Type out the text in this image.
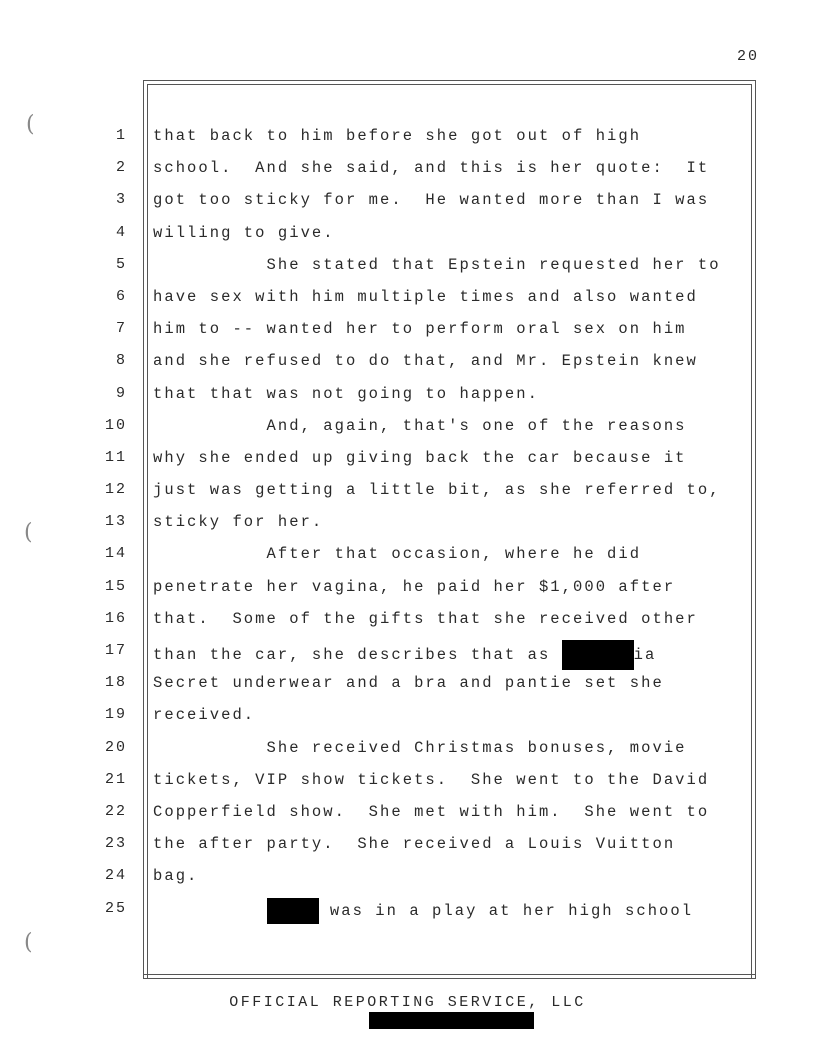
20
(
(
(
1
2
3
4
5
6
7
8
9
10
11
12
13
14
15
16
17
18
19
20
21
22
23
24
25
that back to him before she got out of high
school.  And she said, and this is her quote:  It
got too sticky for me.  He wanted more than I was
willing to give.
She stated that Epstein requested her to
have sex with him multiple times and also wanted
him to -- wanted her to perform oral sex on him
and she refused to do that, and Mr. Epstein knew
that that was not going to happen.
And, again, that's one of the reasons
why she ended up giving back the car because it
just was getting a little bit, as she referred to,
sticky for her.
After that occasion, where he did
penetrate her vagina, he paid her $1,000 after
that.  Some of the gifts that she received other
than the car, she describes that as	ia
Secret underwear and a bra and pantie set she
received.
She received Christmas bonuses, movie
tickets, VIP show tickets.  She went to the David
Copperfield show.  She met with him.  She went to
the after party.  She received a Louis Vuitton
bag.
was in a play at her high school
OFFICIAL REPORTING SERVICE, LLC
